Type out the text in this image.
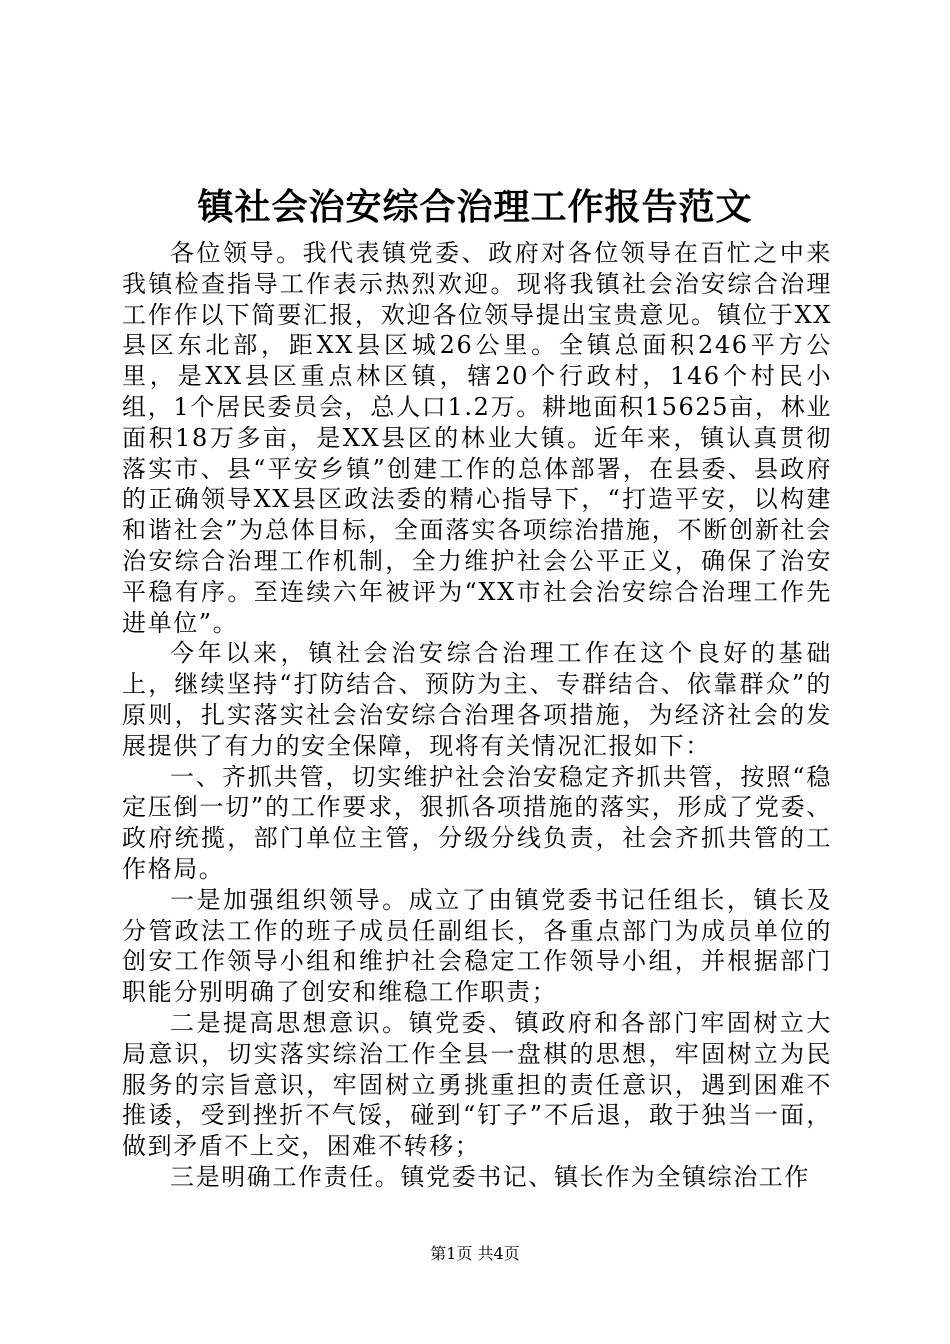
镇社会治安综合治理工作报告范文

各位领导。我代表镇党委、政府对各位领导在百忙之中来我镇检查指导工作表示热烈欢迎。现将我镇社会治安综合治理工作作以下简要汇报，欢迎各位领导提出宝贵意见。镇位于XX县区东北部，距XX县区城26公里。全镇总面积246平方公里，是XX县区重点林区镇，辖20个行政村，146个村民小组，1个居民委员会，总人口1.2万。耕地面积15625亩，林业面积18万多亩，是XX县区的林业大镇。近年来，镇认真贯彻落实市、县“平安乡镇”创建工作的总体部署，在县委、县政府的正确领导XX县区政法委的精心指导下，“打造平安，以构建和谐社会”为总体目标，全面落实各项综治措施，不断创新社会治安综合治理工作机制，全力维护社会公平正义，确保了治安平稳有序。至连续六年被评为“XX市社会治安综合治理工作先进单位”。

今年以来，镇社会治安综合治理工作在这个良好的基础上，继续坚持“打防结合、预防为主、专群结合、依靠群众”的原则，扎实落实社会治安综合治理各项措施，为经济社会的发展提供了有力的安全保障，现将有关情况汇报如下：

一、齐抓共管，切实维护社会治安稳定齐抓共管，按照“稳定压倒一切”的工作要求，狠抓各项措施的落实，形成了党委、政府统揽，部门单位主管，分级分线负责，社会齐抓共管的工作格局。

一是加强组织领导。成立了由镇党委书记任组长，镇长及分管政法工作的班子成员任副组长，各重点部门为成员单位的创安工作领导小组和维护社会稳定工作领导小组，并根据部门职能分别明确了创安和维稳工作职责；

二是提高思想意识。镇党委、镇政府和各部门牢固树立大局意识，切实落实综治工作全县一盘棋的思想，牢固树立为民服务的宗旨意识，牢固树立勇挑重担的责任意识，遇到困难不推诿，受到挫折不气馁，碰到“钉子”不后退，敢于独当一面，做到矛盾不上交，困难不转移；

三是明确工作责任。镇党委书记、镇长作为全镇综治工作

第1页 共4页
